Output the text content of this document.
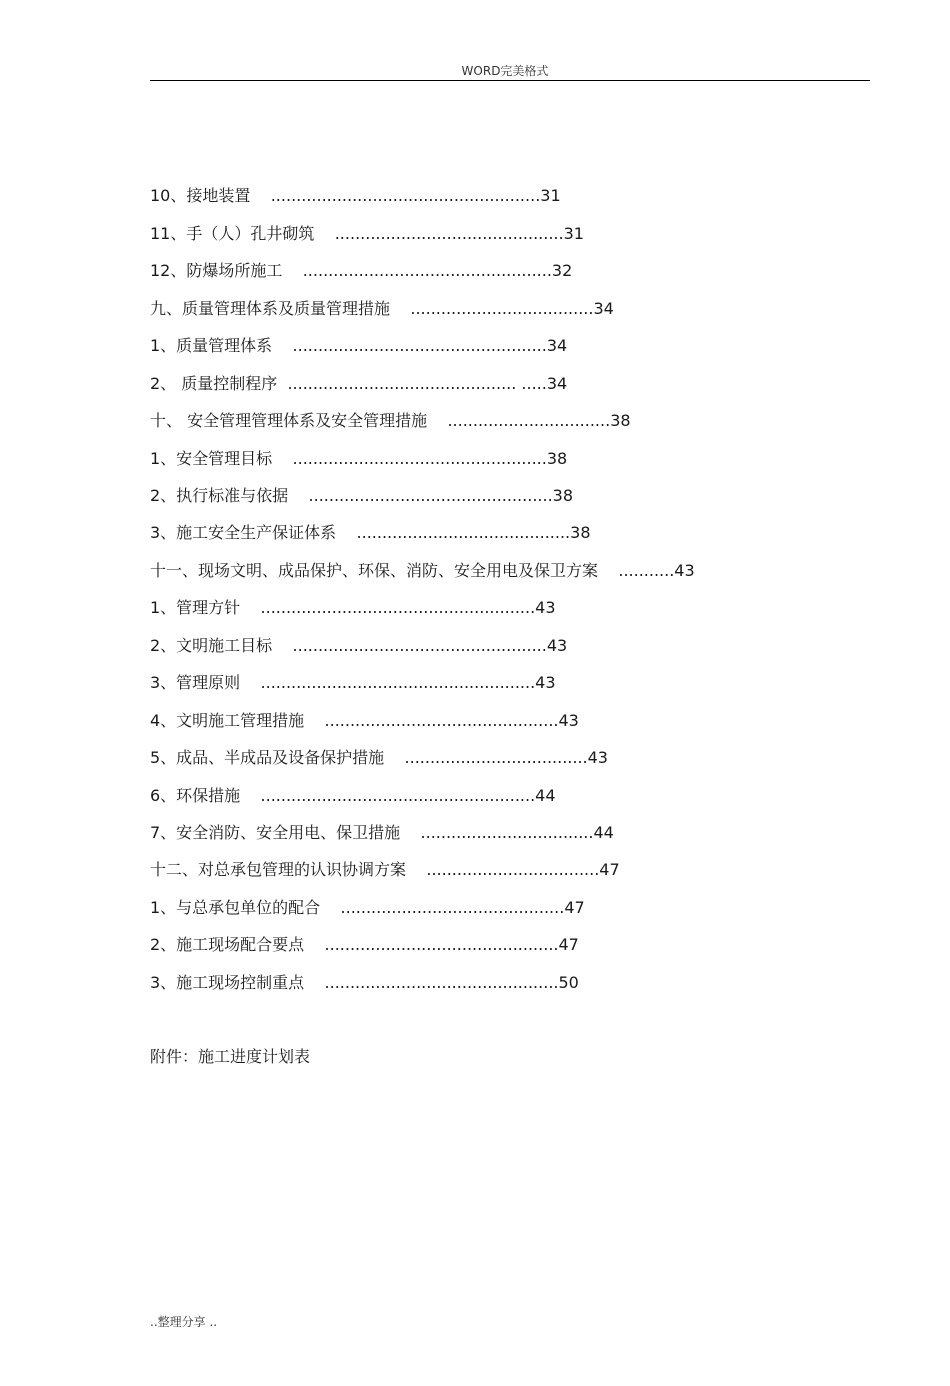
WORD完美格式
10、接地装置 .....................................................31
11、手（人）孔井砌筑 .............................................31
12、防爆场所施工 .................................................32
九、质量管理体系及质量管理措施 ....................................34
1、质量管理体系 ..................................................34
2、 质量控制程序 ............................................. .....34
十、 安全管理管理体系及安全管理措施 ................................38
1、安全管理目标 ..................................................38
2、执行标准与依据 ................................................38
3、施工安全生产保证体系 ..........................................38
十一、现场文明、成品保护、环保、消防、安全用电及保卫方案 ...........43
1、管理方针 ......................................................43
2、文明施工目标 ..................................................43
3、管理原则 ......................................................43
4、文明施工管理措施 ..............................................43
5、成品、半成品及设备保护措施 ....................................43
6、环保措施 ......................................................44
7、安全消防、安全用电、保卫措施 ..................................44
十二、对总承包管理的认识协调方案 ..................................47
1、与总承包单位的配合 ............................................47
2、施工现场配合要点 ..............................................47
3、施工现场控制重点 ..............................................50
附件：施工进度计划表
..整理分享 ..
